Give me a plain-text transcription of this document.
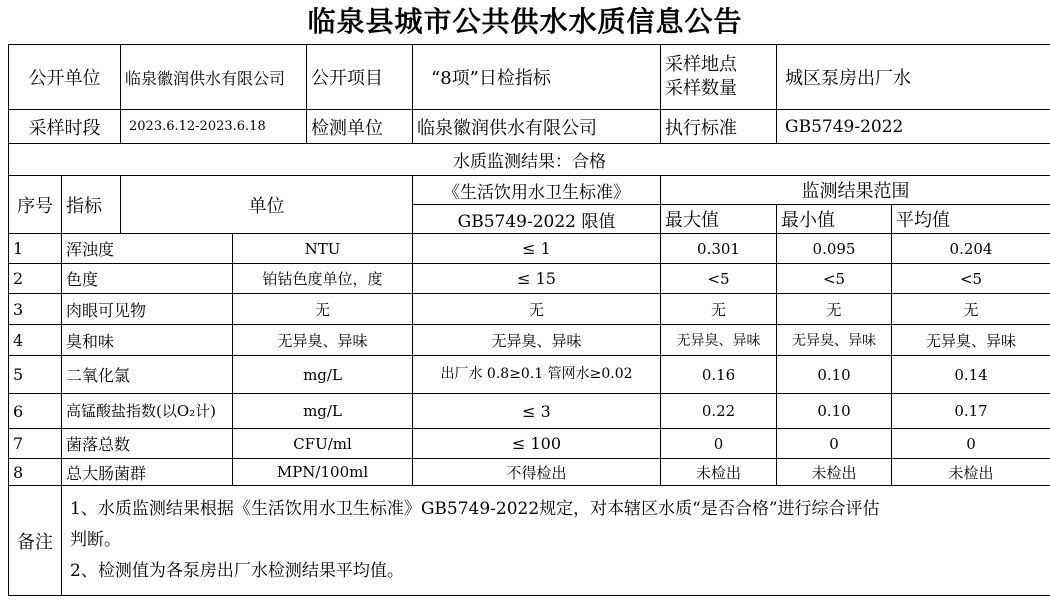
临泉县城市公共供水水质信息公告
公开单位		临泉徽润供水有限公司		公开项目	“8项”日检指标	采样地点
采样数量	城区泵房出厂水	
采样时段		2023.6.12-2023.6.18		检测单位	临泉徽润供水有限公司	执行标准	GB5749-2022	
水质监测结果：合格								
序号	指标	单位			《生活饮用水卫生标准》	监测结果范围		
					GB5749-2022 限值	最大值	最小值	平均值
1	浑浊度		NTU		≤ 1	0.301	0.095	0.204
2	色度		铂钴色度单位，度		≤ 15	<5	<5	<5
3	肉眼可见物		无		无	无	无	无
4	臭和味		无异臭、异味		无异臭、异味	无异臭、异味	无异臭、异味	无异臭、异味
5	二氧化氯		mg/L		出厂水 0.8≥0.1 管网水≥0.02	0.16	0.10	0.14
6	高锰酸盐指数(以O₂计)		mg/L		≤ 3	0.22	0.10	0.17
7	菌落总数		CFU/ml		≤ 100	0	0	0
8	总大肠菌群		MPN/100ml		不得检出	未检出	未检出	未检出
备注	1、水质监测结果根据《生活饮用水卫生标准》GB5749-2022规定，对本辖区水质“是否合格”进行综合评估
判断。
2、检测值为各泵房出厂水检测结果平均值。							
